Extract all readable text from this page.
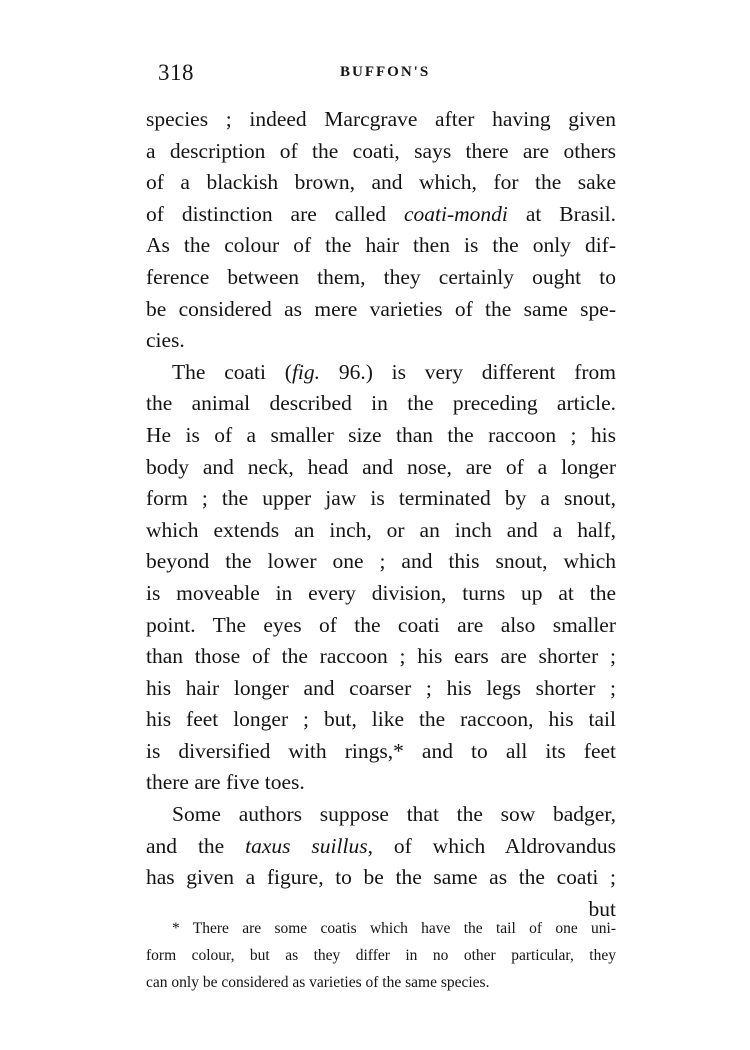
318	BUFFON'S
species ; indeed Marcgrave after having given
a description of the coati, says there are others
of a blackish brown, and which, for the sake
of distinction are called coati-mondi at Brasil.
As the colour of the hair then is the only dif-
ference between them, they certainly ought to
be considered as mere varieties of the same spe-
cies.
The coati (fig. 96.) is very different from
the animal described in the preceding article.
He is of a smaller size than the raccoon ; his
body and neck, head and nose, are of a longer
form ; the upper jaw is terminated by a snout,
which extends an inch, or an inch and a half,
beyond the lower one ; and this snout, which
is moveable in every division, turns up at the
point. The eyes of the coati are also smaller
than those of the raccoon ; his ears are shorter ;
his hair longer and coarser ; his legs shorter ;
his feet longer ; but, like the raccoon, his tail
is diversified with rings,* and to all its feet
there are five toes.
Some authors suppose that the sow badger,
and the taxus suillus, of which Aldrovandus
has given a figure, to be the same as the coati ;
but
* There are some coatis which have the tail of one uni-
form colour, but as they differ in no other particular, they
can only be considered as varieties of the same species.
